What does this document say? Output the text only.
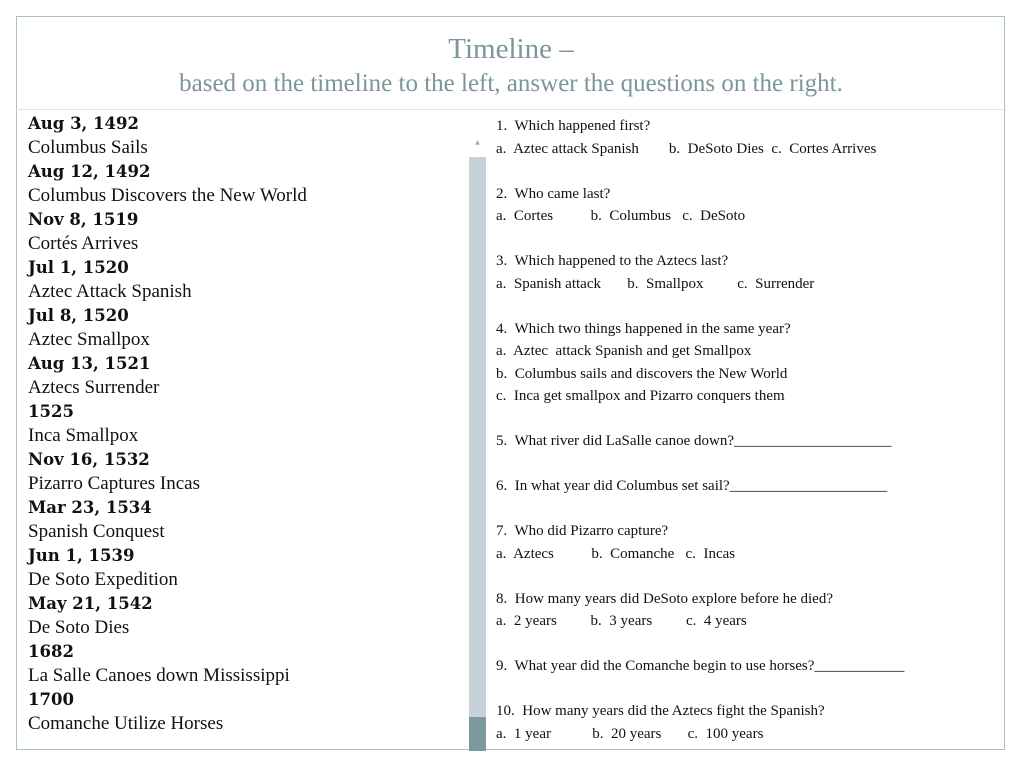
Timeline –
based on the timeline to the left, answer the questions on the right.
Aug 3, 1492
Columbus Sails
Aug 12, 1492
Columbus Discovers the New World
Nov 8, 1519
Cortés Arrives
Jul 1, 1520
Aztec Attack Spanish
Jul 8, 1520
Aztec Smallpox
Aug 13, 1521
Aztecs Surrender
1525
Inca Smallpox
Nov 16, 1532
Pizarro Captures Incas
Mar 23, 1534
Spanish Conquest
Jun 1, 1539
De Soto Expedition
May 21, 1542
De Soto Dies
1682
La Salle Canoes down Mississippi
1700
Comanche Utilize Horses
▲
1.  Which happened first?
a.  Aztec attack Spanish        b.  DeSoto Dies  c.  Cortes Arrives
2.  Who came last?
a.  Cortes          b.  Columbus   c.  DeSoto
3.  Which happened to the Aztecs last?
a.  Spanish attack       b.  Smallpox         c.  Surrender
4.  Which two things happened in the same year?
a.  Aztec  attack Spanish and get Smallpox
b.  Columbus sails and discovers the New World
c.  Inca get smallpox and Pizarro conquers them
5.  What river did LaSalle canoe down?_____________________
6.  In what year did Columbus set sail?_____________________
7.  Who did Pizarro capture?
a.  Aztecs          b.  Comanche   c.  Incas
8.  How many years did DeSoto explore before he died?
a.  2 years         b.  3 years         c.  4 years
9.  What year did the Comanche begin to use horses?____________
10.  How many years did the Aztecs fight the Spanish?
a.  1 year           b.  20 years       c.  100 years
